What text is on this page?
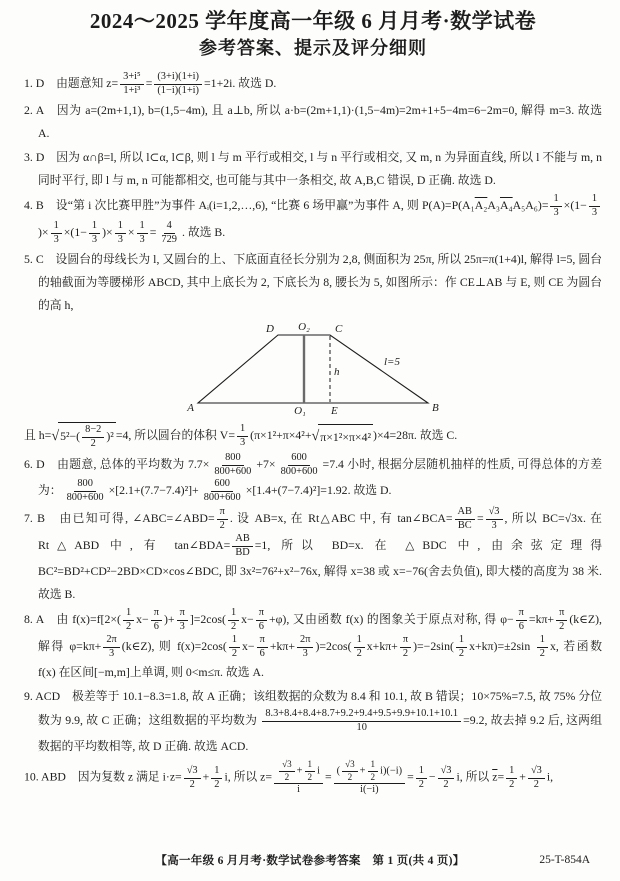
2024～2025 学年度高一年级 6 月月考·数学试卷
参考答案、提示及评分细则
1. D　由题意知 $z= \frac{\text{3+i⁵}}{\text{1+i³}} = \frac{(3+i)(1+i)}{(1-i)(1+i)} =1+2i$. 故选 D.
2. A　因为 a=(2m+1,1), b=(1,5−4m), 且 a⊥b, 所以 a·b=(2m+1,1)·(1,5−4m)=2m+1+5−4m=6−2m=0, 解得 m=3. 故选 A.
3. D　因为 α∩β=l, 所以 l⊂α, l⊂β, 则 l 与 m 平行或相交, l 与 n 平行或相交, 又 m, n 为异面直线, 所以 l 不能与 m, n 同时平行, 即 l 与 m, n 可能都相交, 也可能与其中一条相交, 故 A,B,C 错误, D 正确. 故选 D.
4. B　设“第 i 次比赛甲胜”为事件 Aᵢ(i=1,2,…,6), “比赛 6 场甲赢”为事件 A, 则 $P(A)=P(A_1A_2A_3A_4A_5A_6)= \frac{1}{3} \times(1- \frac{1}{3}$
)× $\frac{1}{3} \times(1- \frac{1}{3}$ )× $\frac{1}{3} \times \frac{1}{3} = \frac{4}{729}$ . 故选 B.
5. C　设圆台的母线长为 l, 又圆台的上、下底面直径长分别为 2,8, 侧面积为 25π, 所以 25π=π(1+4)l, 解得 l=5, 圆台的轴截面为等腰梯形 ABCD, 其中上底长为 2, 下底长为 8, 腰长为 5, 如图所示：作 CE⊥AB 与 E, 则 CE 为圆台的高 h,
D O₂ C
A	B
O₁ E
h
l=5
且 h= √ $5^2-( \frac{8-2}{2} )^2 =4$, 所以圆台的体积 $V= \frac{1}{3} (\pi\times 1^2+\pi\times 4^2+$ √ π×1²×π×4² )×4=28π. 故选 C.
6. D　由题意, 总体的平均数为 $7.7\times \frac{800}{800+600} +7\times \frac{600}{800+600} =7.4$ 小时, 根据分层随机抽样的性质, 可得总体的方差为： $\frac{800}{800+600} \times[2.1+(7.7-7.4)^2]+ \frac{600}{800+600} \times[1.4+(7-7.4)^2]=1.92$. 故选 D.
7. B　由已知可得, ∠ABC=∠ABD= $\frac{\pi}{2}$ . 设 AB=x, 在 Rt△ABC 中, 有 tan∠BCA= $\frac{AB}{BC} = \frac{√3}{3}$ , 所以 BC=√3x. 在 Rt△ABD 中, 有 tan∠BDA= $\frac{AB}{BD} =1$, 所以 BD=x. 在 △BDC 中, 由余弦定理得 BC²=BD²+CD²−2BD×CD×cos∠BDC, 即 3x²=76²+x²−76x, 解得 x=38 或 x=−76(舍去负值), 即大楼的高度为 38 米. 故选 B.
8. A　由 $f(x)=f[2\times( \frac{1}{2} x- \frac{\pi}{6}$ )+ $\frac{\pi}{3} ]=2\cos( \frac{1}{2} x- \frac{\pi}{6} +\varphi)$, 又由函数 f(x) 的图象关于原点对称, 得 $\varphi- \frac{\pi}{6} =k\pi+ \frac{\pi}{2}$ (k∈Z), 解得 $\varphi=k\pi+ \frac{2\pi}{3}$ (k∈Z), 则 $f(x)=2\cos( \frac{1}{2} x- \frac{\pi}{6} +k\pi+ \frac{2\pi}{3} )=2\cos( \frac{1}{2} x+k\pi+ \frac{\pi}{2} )=-2\sin( \frac{1}{2} x+k\pi)=\pm 2\sin \frac{1}{2} x$, 若函数 f(x) 在区间[−m,m]上单调, 则 0<m≤π. 故选 A.
9. ACD　极差等于 10.1−8.3=1.8, 故 A 正确；该组数据的众数为 8.4 和 10.1, 故 B 错误；10×75%=7.5, 故 75% 分位数为 9.9, 故 C 正确；这组数据的平均数为 $\frac{8.3+8.4+8.4+8.7+9.2+9.4+9.5+9.9+10.1+10.1}{10} =9.2$, 故去掉 9.2 后, 这两组数据的平均数相等, 故 D 正确. 故选 ACD.
10. ABD　因为复数 z 满足 $i\cdot z= \frac{√3}{2} + \frac{1}{2} i$, 所以 $z= \frac{\frac{√3}{2} + \frac{1}{2} i}{i} = \frac{( \frac{√3}{2} + \frac{1}{2} i)(-i)}{i(-i)} = \frac{1}{2} - \frac{√3}{2} i$, 所以 $\overline{z}= \frac{1}{2} + \frac{√3}{2} i$,
【高一年级 6 月月考·数学试卷参考答案　第 1 页(共 4 页)】	25-T-854A
